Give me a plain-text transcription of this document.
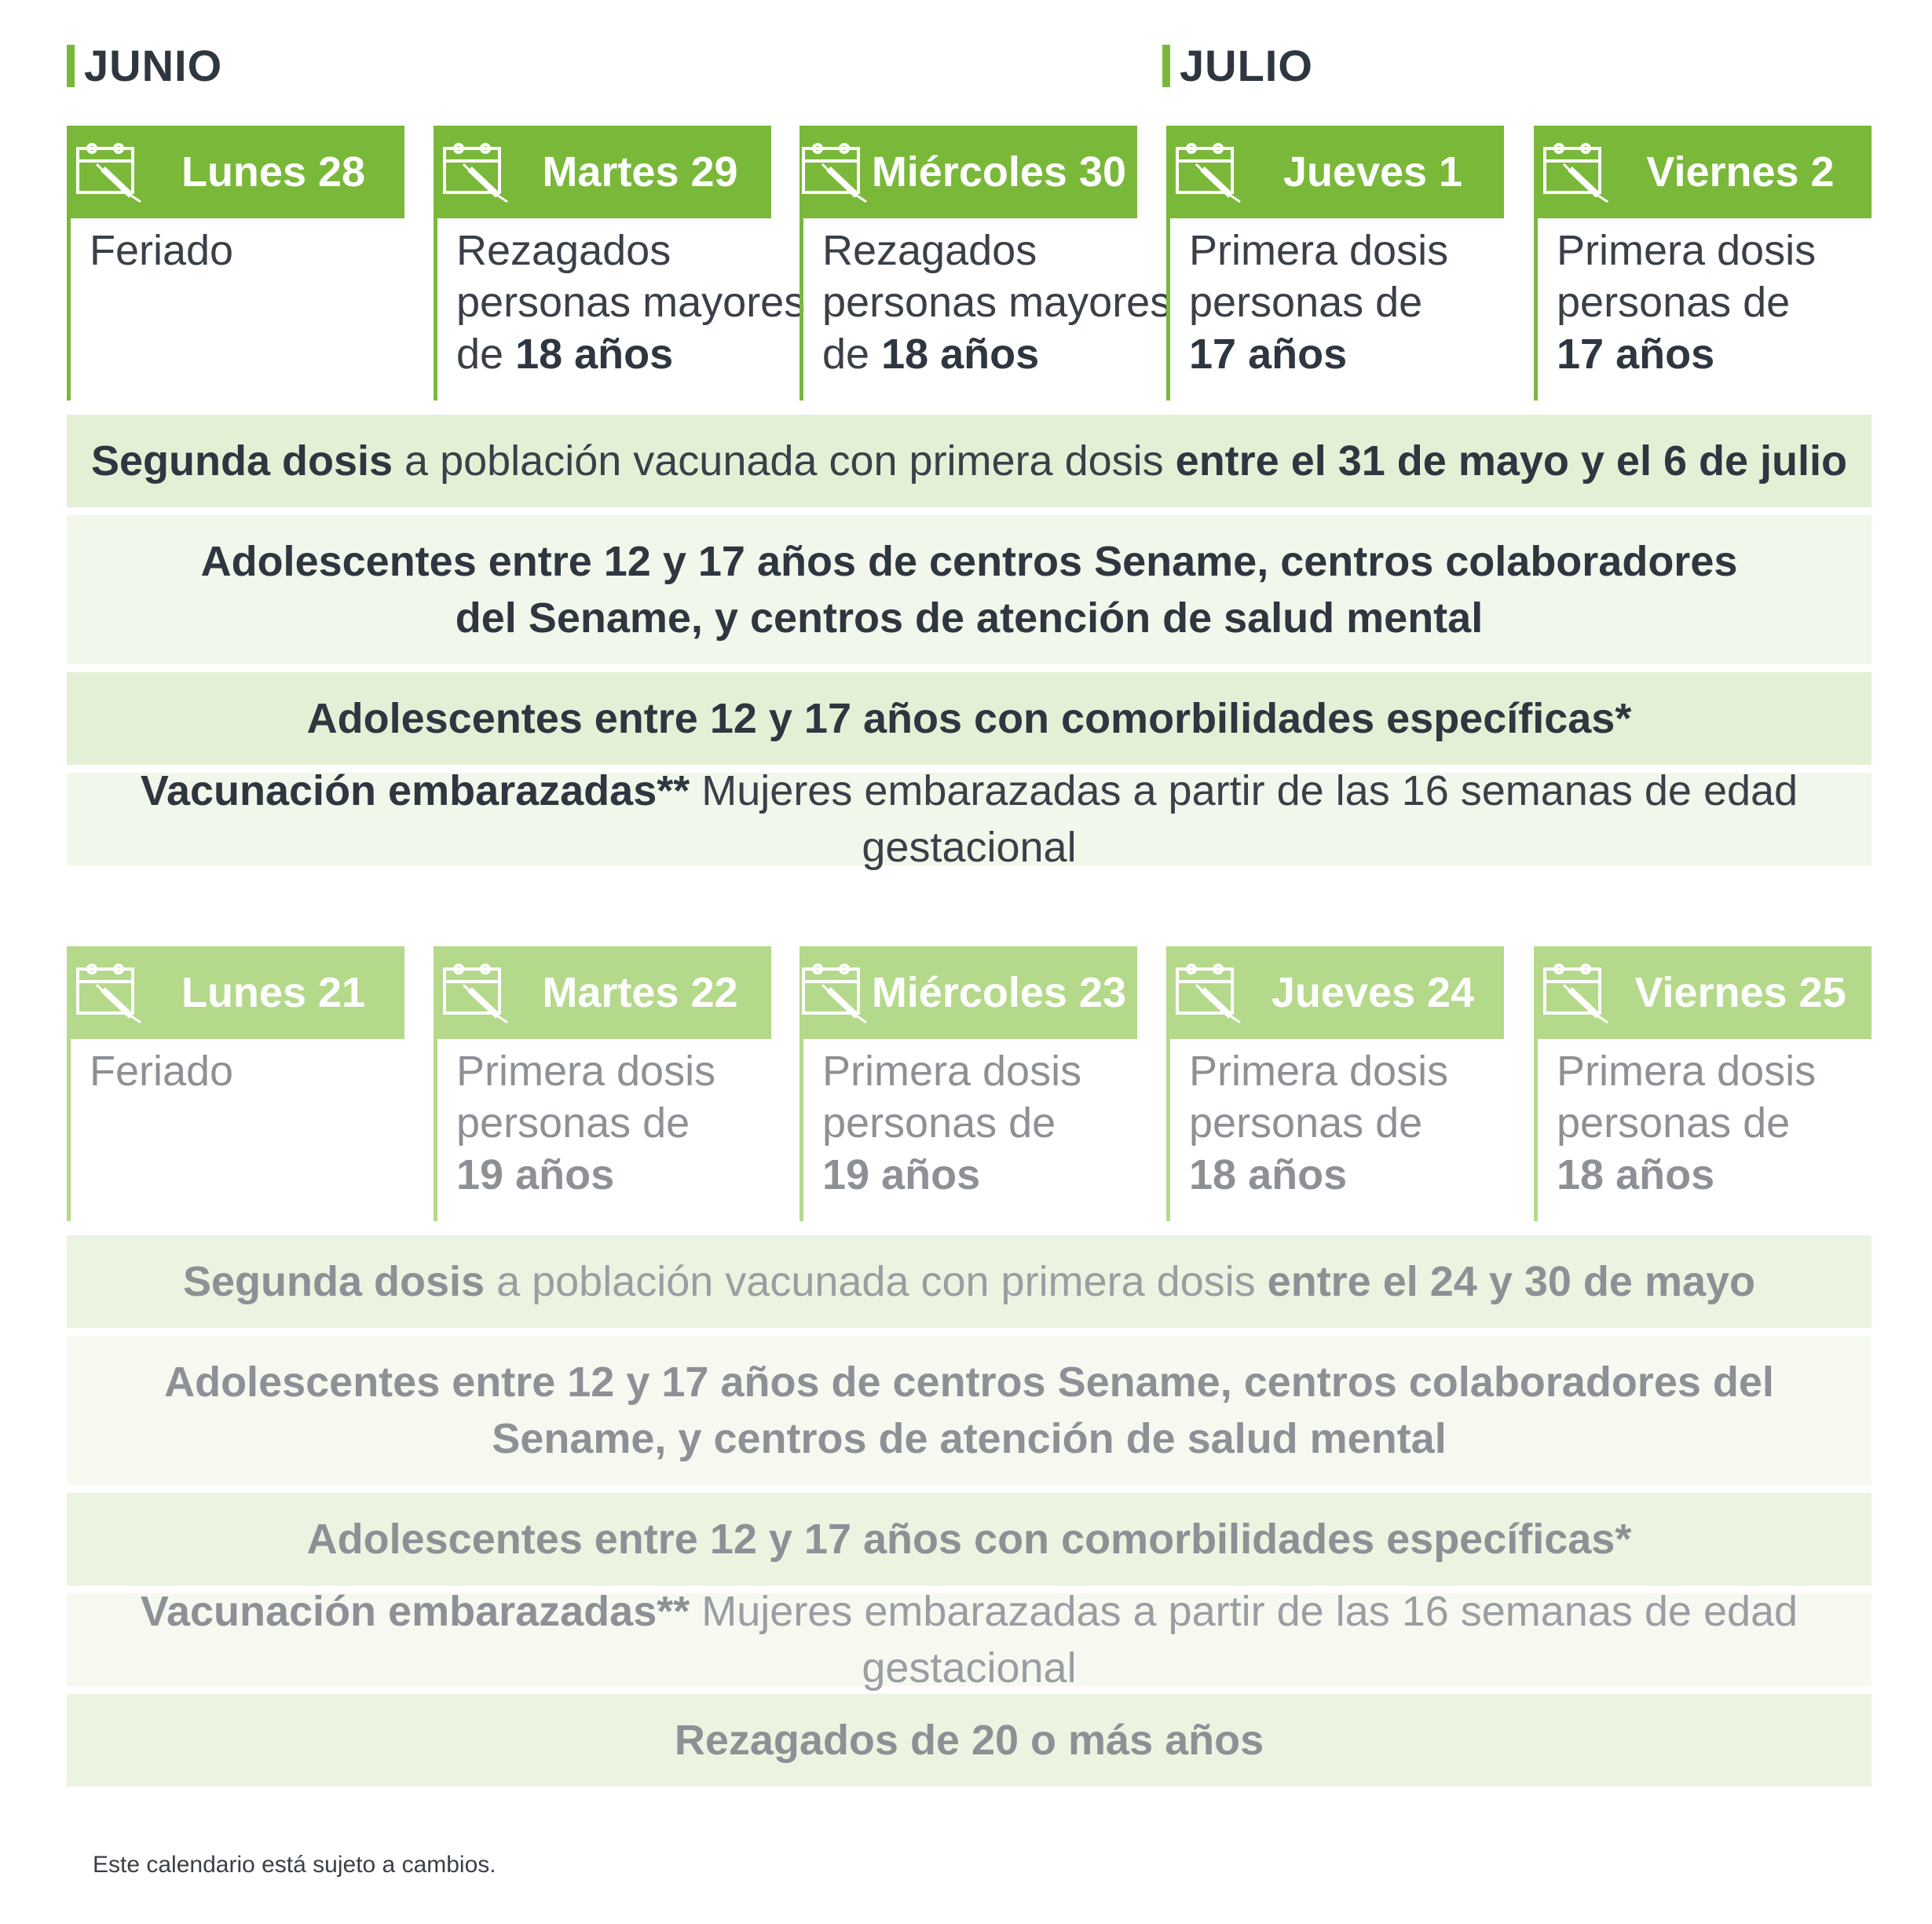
JUNIO	JULIO
Lunes 28
Feriado
Martes 29
Rezagados
personas mayores
de 18 años
Miércoles 30
Rezagados
personas mayores
de 18 años
Jueves 1
Primera dosis
personas de
17 años
Viernes 2
Primera dosis
personas de
17 años
Segunda dosis a población vacunada con primera dosis entre el 31 de mayo y el 6 de julio
Adolescentes entre 12 y 17 años de centros Sename, centros colaboradores
del Sename, y centros de atención de salud mental
Adolescentes entre 12 y 17 años con comorbilidades específicas*
Vacunación embarazadas** Mujeres embarazadas a partir de las 16 semanas de edad gestacional
Lunes 21
Feriado
Martes 22
Primera dosis
personas de
19 años
Miércoles 23
Primera dosis
personas de
19 años
Jueves 24
Primera dosis
personas de
18 años
Viernes 25
Primera dosis
personas de
18 años
Segunda dosis a población vacunada con primera dosis entre el 24 y 30 de mayo
Adolescentes entre 12 y 17 años de centros Sename, centros colaboradores del
Sename, y centros de atención de salud mental
Adolescentes entre 12 y 17 años con comorbilidades específicas*
Vacunación embarazadas** Mujeres embarazadas a partir de las 16 semanas de edad gestacional
Rezagados de 20 o más años
Este calendario está sujeto a cambios.
